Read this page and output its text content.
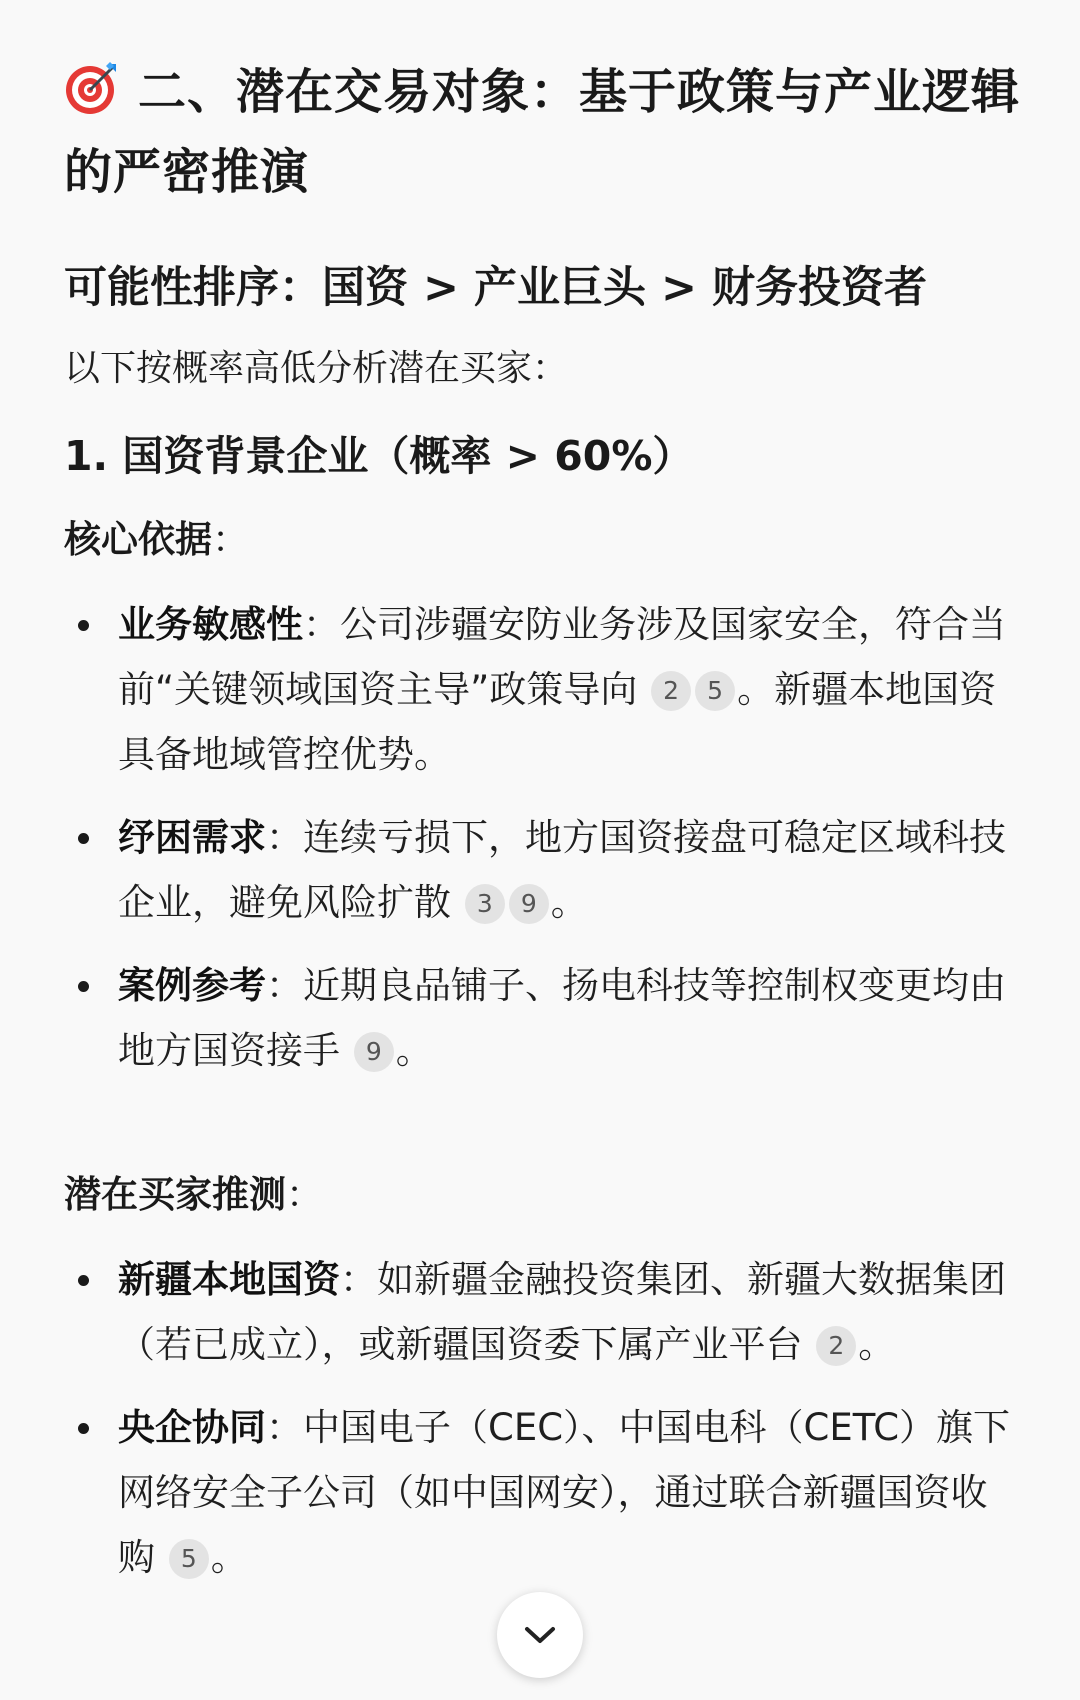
二、潜在交易对象：基于政策与产业逻辑的严密推演
可能性排序：国资 > 产业巨头 > 财务投资者

以下按概率高低分析潜在买家：

1. 国资背景企业（概率 > 60%）

核心依据：

业务敏感性：公司涉疆安防业务涉及国家安全，符合当前“关键领域国资主导”政策导向 2 5 。新疆本地国资具备地域管控优势。
纾困需求：连续亏损下，地方国资接盘可稳定区域科技企业，避免风险扩散 3 9 。
案例参考：近期良品铺子、扬电科技等控制权变更均由地方国资接手 9 。

潜在买家推测：

新疆本地国资：如新疆金融投资集团、新疆大数据集团（若已成立），或新疆国资委下属产业平台 2 。
央企协同：中国电子（CEC）、中国电科（CETC）旗下网络安全子公司（如中国网安），通过联合新疆国资收购 5 。
